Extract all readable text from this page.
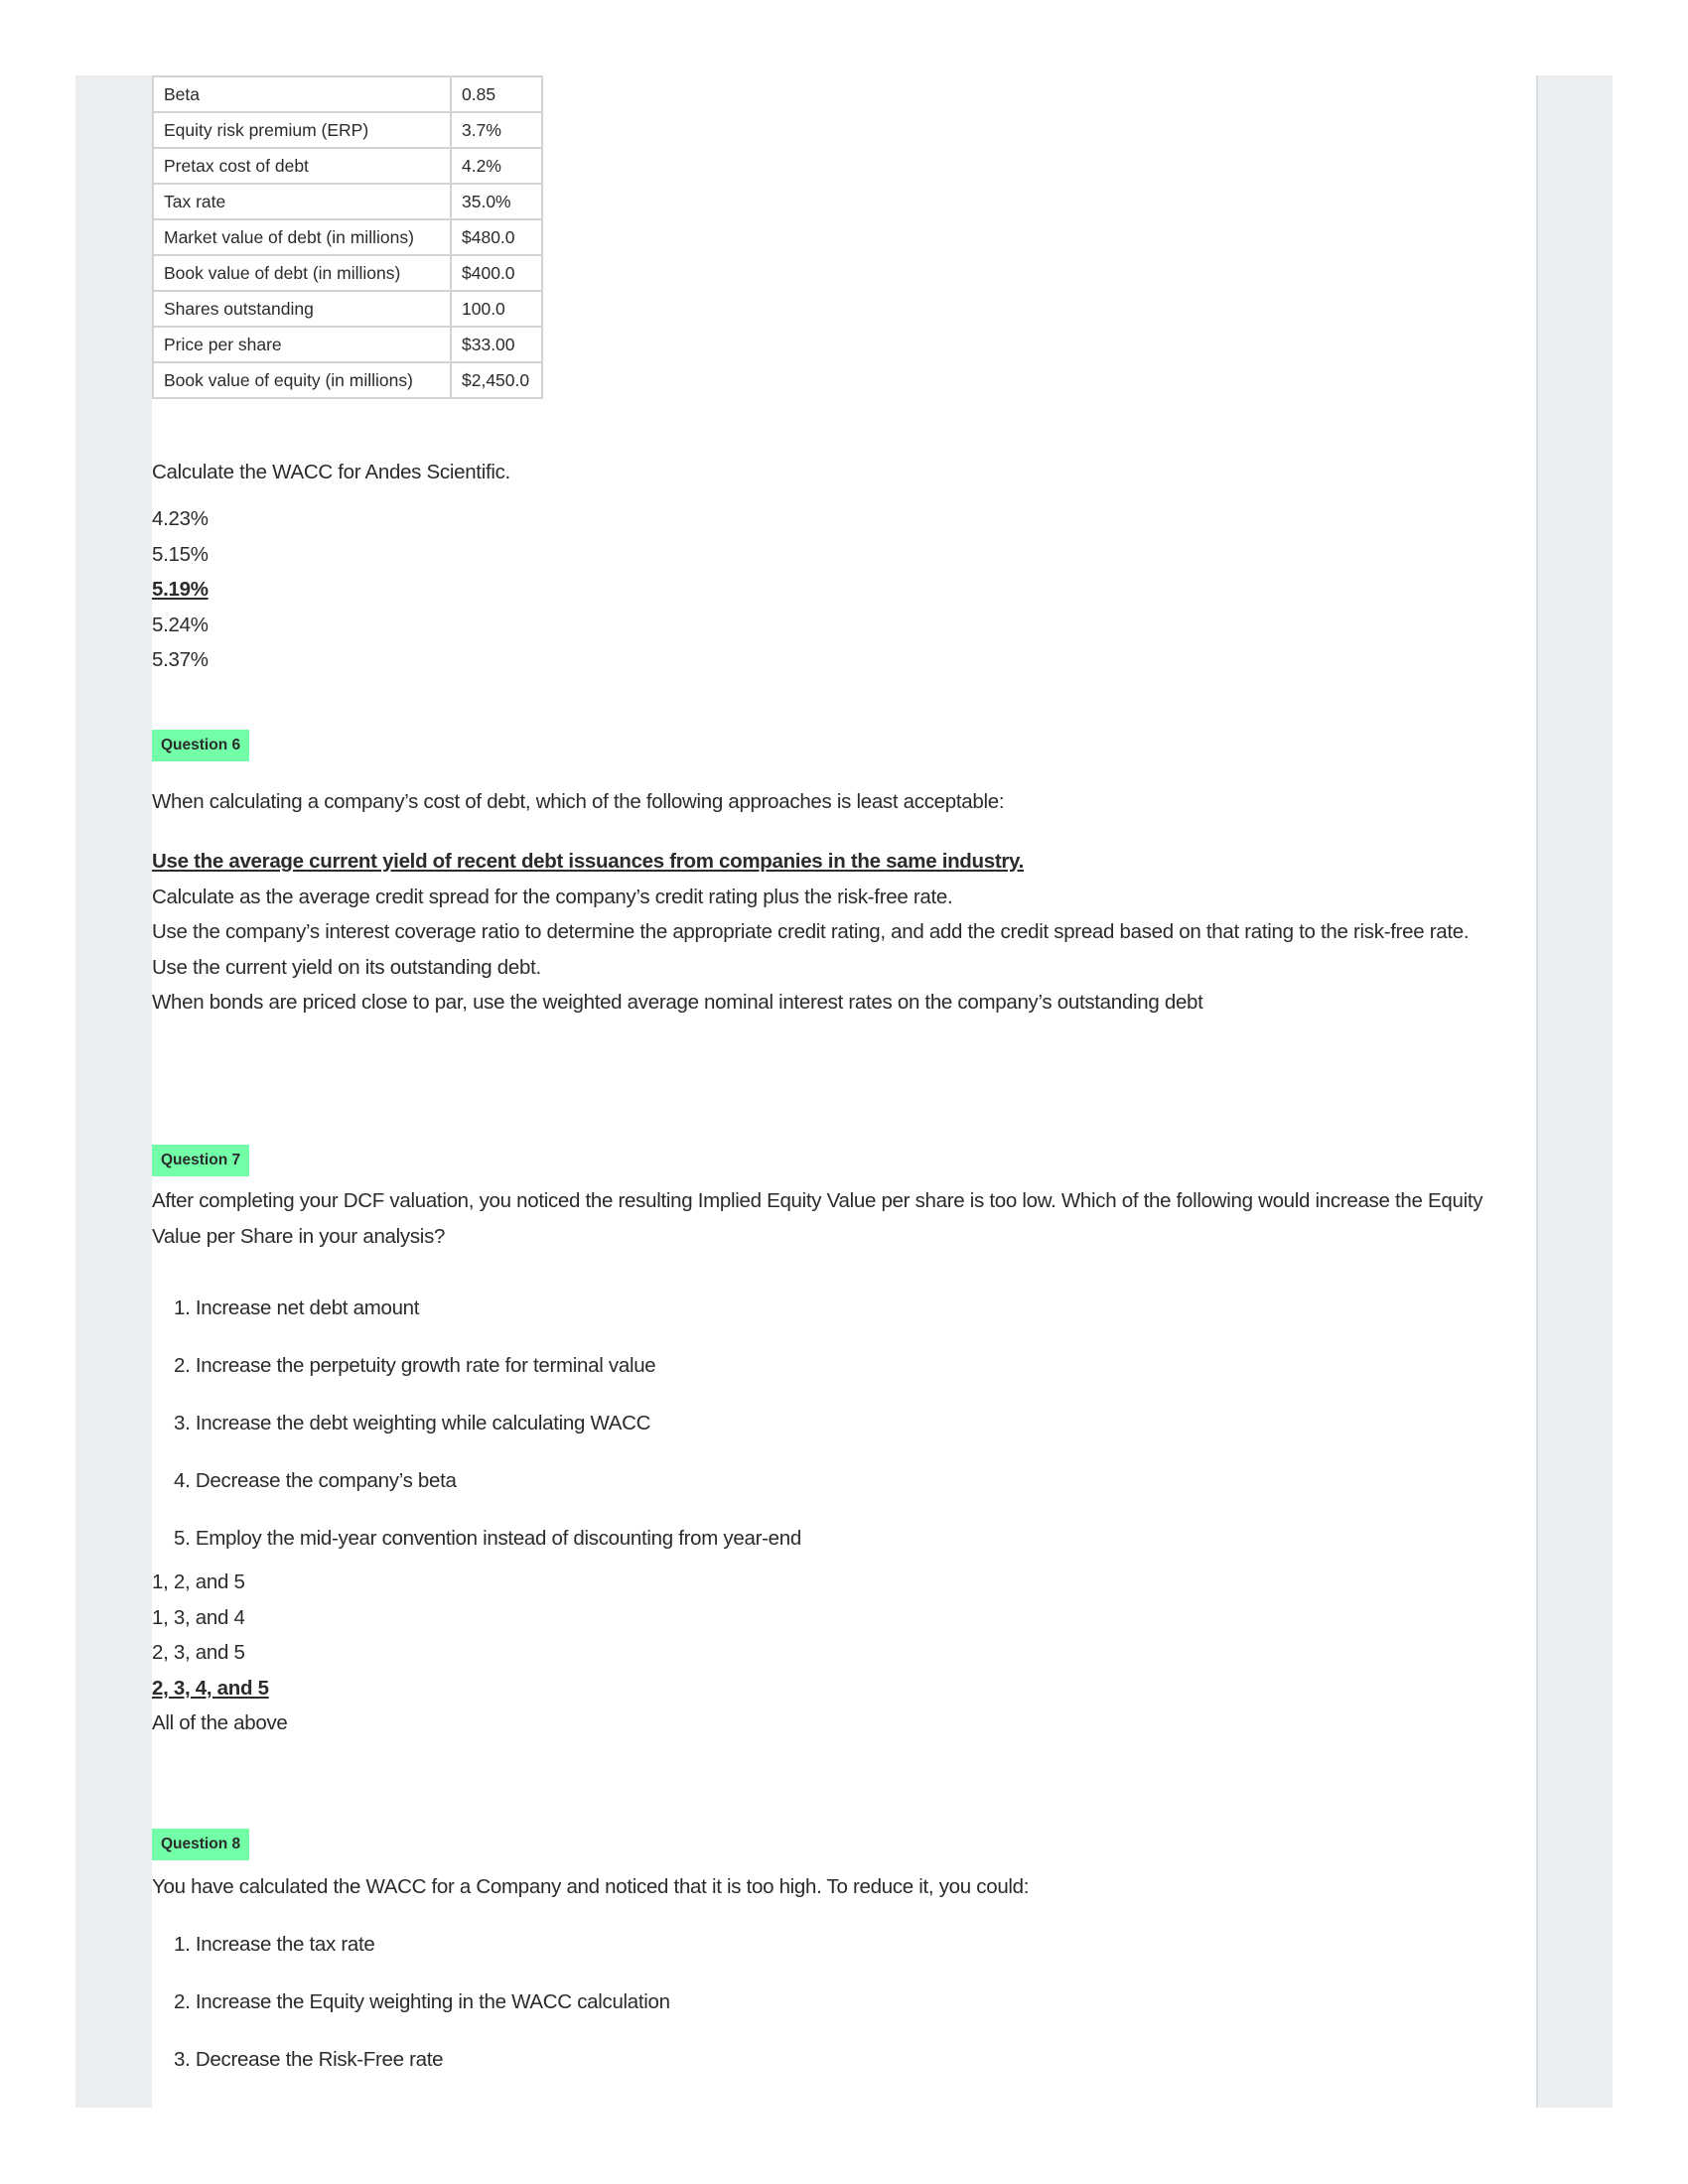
Beta	0.85
Equity risk premium (ERP)	3.7%
Pretax cost of debt	4.2%
Tax rate	35.0%
Market value of debt (in millions)	$480.0
Book value of debt (in millions)	$400.0
Shares outstanding	100.0
Price per share	$33.00
Book value of equity (in millions)	$2,450.0
Calculate the WACC for Andes Scientific.
4.23%
5.15%
5.19%
5.24%
5.37%
Question 6
When calculating a company’s cost of debt, which of the following approaches is least acceptable:
Use the average current yield of recent debt issuances from companies in the same industry.
Calculate as the average credit spread for the company’s credit rating plus the risk-free rate.
Use the company’s interest coverage ratio to determine the appropriate credit rating, and add the credit spread based on that rating to the risk-free rate.
Use the current yield on its outstanding debt.
When bonds are priced close to par, use the weighted average nominal interest rates on the company’s outstanding debt
Question 7
After completing your DCF valuation, you noticed the resulting Implied Equity Value per share is too low. Which of the following would increase the Equity Value per Share in your analysis?
1. Increase net debt amount
2. Increase the perpetuity growth rate for terminal value
3. Increase the debt weighting while calculating WACC
4. Decrease the company’s beta
5. Employ the mid-year convention instead of discounting from year-end
1, 2, and 5
1, 3, and 4
2, 3, and 5
2, 3, 4, and 5
All of the above
Question 8
You have calculated the WACC for a Company and noticed that it is too high. To reduce it, you could:
1. Increase the tax rate
2. Increase the Equity weighting in the WACC calculation
3. Decrease the Risk-Free rate
